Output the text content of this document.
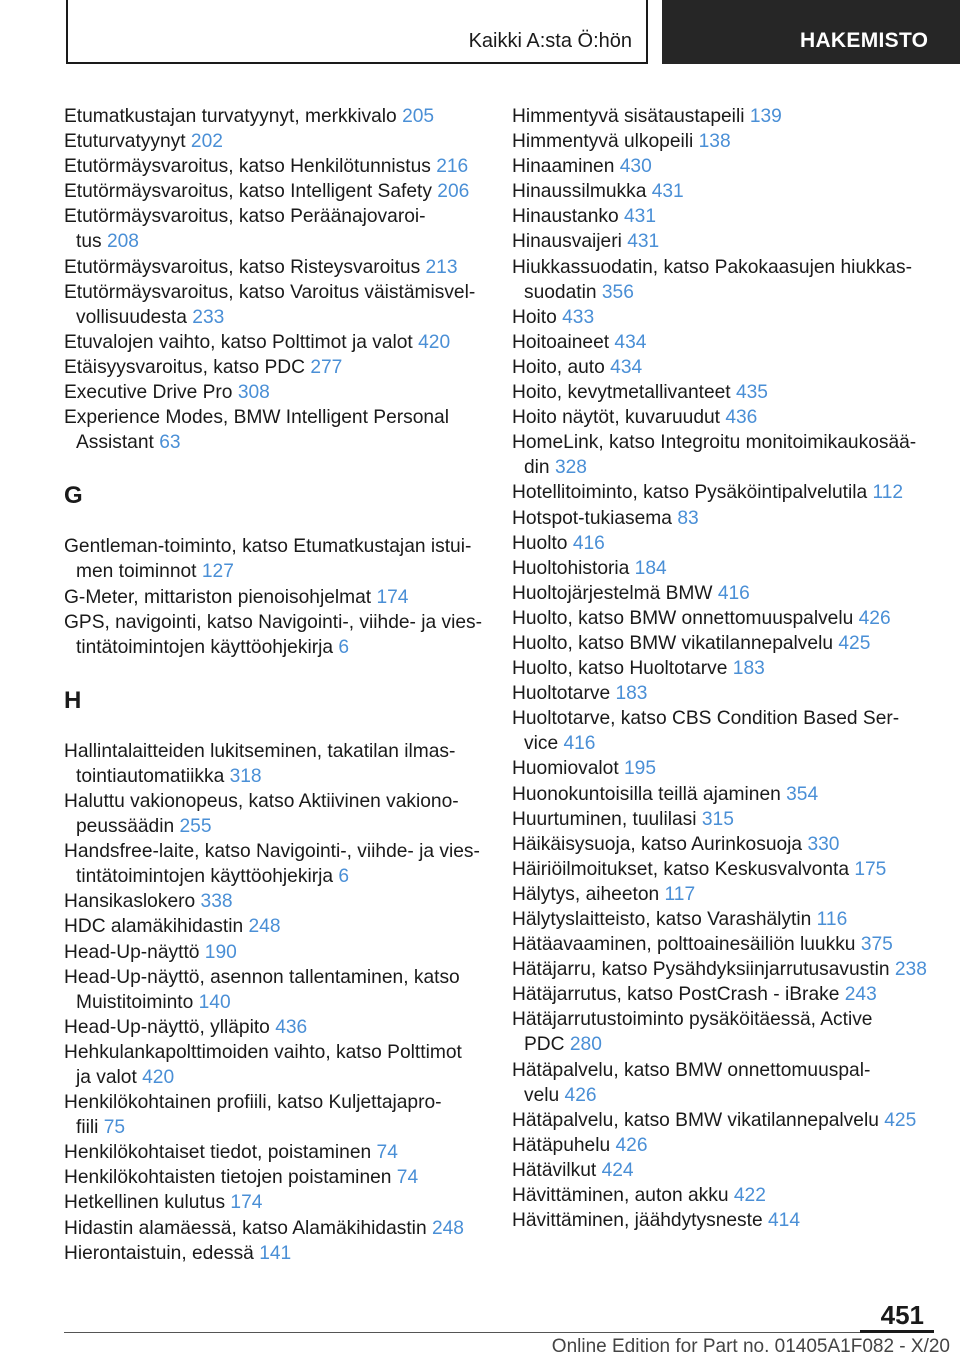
Kaikki A:sta Ö:hön	HAKEMISTO
Etumatkustajan turvatyynyt, merkkivalo 205
Etuturvatyynyt 202
Etutörmäysvaroitus, katso Henkilötunnistus 216
Etutörmäysvaroitus, katso Intelligent Safety 206
Etutörmäysvaroitus, katso Peräänajovaroi-
tus 208
Etutörmäysvaroitus, katso Risteysvaroitus 213
Etutörmäysvaroitus, katso Varoitus väistämisvel-
vollisuudesta 233
Etuvalojen vaihto, katso Polttimot ja valot 420
Etäisyysvaroitus, katso PDC 277
Executive Drive Pro 308
Experience Modes, BMW Intelligent Personal
Assistant 63
G
Gentleman-toiminto, katso Etumatkustajan istui-
men toiminnot 127
G-Meter, mittariston pienoisohjelmat 174
GPS, navigointi, katso Navigointi-, viihde- ja vies-
tintätoimintojen käyttöohjekirja 6
H
Hallintalaitteiden lukitseminen, takatilan ilmas-
tointiautomatiikka 318
Haluttu vakionopeus, katso Aktiivinen vakiono-
peussäädin 255
Handsfree-laite, katso Navigointi-, viihde- ja vies-
tintätoimintojen käyttöohjekirja 6
Hansikaslokero 338
HDC alamäkihidastin 248
Head-Up-näyttö 190
Head-Up-näyttö, asennon tallentaminen, katso
Muistitoiminto 140
Head-Up-näyttö, ylläpito 436
Hehkulankapolttimoiden vaihto, katso Polttimot
ja valot 420
Henkilökohtainen profiili, katso Kuljettajapro-
fiili 75
Henkilökohtaiset tiedot, poistaminen 74
Henkilökohtaisten tietojen poistaminen 74
Hetkellinen kulutus 174
Hidastin alamäessä, katso Alamäkihidastin 248
Hierontaistuin, edessä 141
Himmentyvä sisätaustapeili 139
Himmentyvä ulkopeili 138
Hinaaminen 430
Hinaussilmukka 431
Hinaustanko 431
Hinausvaijeri 431
Hiukkassuodatin, katso Pakokaasujen hiukkas-
suodatin 356
Hoito 433
Hoitoaineet 434
Hoito, auto 434
Hoito, kevytmetallivanteet 435
Hoito näytöt, kuvaruudut 436
HomeLink, katso Integroitu monitoimikaukosää-
din 328
Hotellitoiminto, katso Pysäköintipalvelutila 112
Hotspot-tukiasema 83
Huolto 416
Huoltohistoria 184
Huoltojärjestelmä BMW 416
Huolto, katso BMW onnettomuuspalvelu 426
Huolto, katso BMW vikatilannepalvelu 425
Huolto, katso Huoltotarve 183
Huoltotarve 183
Huoltotarve, katso CBS Condition Based Ser-
vice 416
Huomiovalot 195
Huonokuntoisilla teillä ajaminen 354
Huurtuminen, tuulilasi 315
Häikäisysuoja, katso Aurinkosuoja 330
Häiriöilmoitukset, katso Keskusvalvonta 175
Hälytys, aiheeton 117
Hälytyslaitteisto, katso Varashälytin 116
Hätäavaaminen, polttoainesäiliön luukku 375
Hätäjarru, katso Pysähdyksiinjarrutusavustin 238
Hätäjarrutus, katso PostCrash - iBrake 243
Hätäjarrutustoiminto pysäköitäessä, Active
PDC 280
Hätäpalvelu, katso BMW onnettomuuspal-
velu 426
Hätäpalvelu, katso BMW vikatilannepalvelu 425
Hätäpuhelu 426
Hätävilkut 424
Hävittäminen, auton akku 422
Hävittäminen, jäähdytysneste 414
451
Online Edition for Part no. 01405A1F082 - X/20
